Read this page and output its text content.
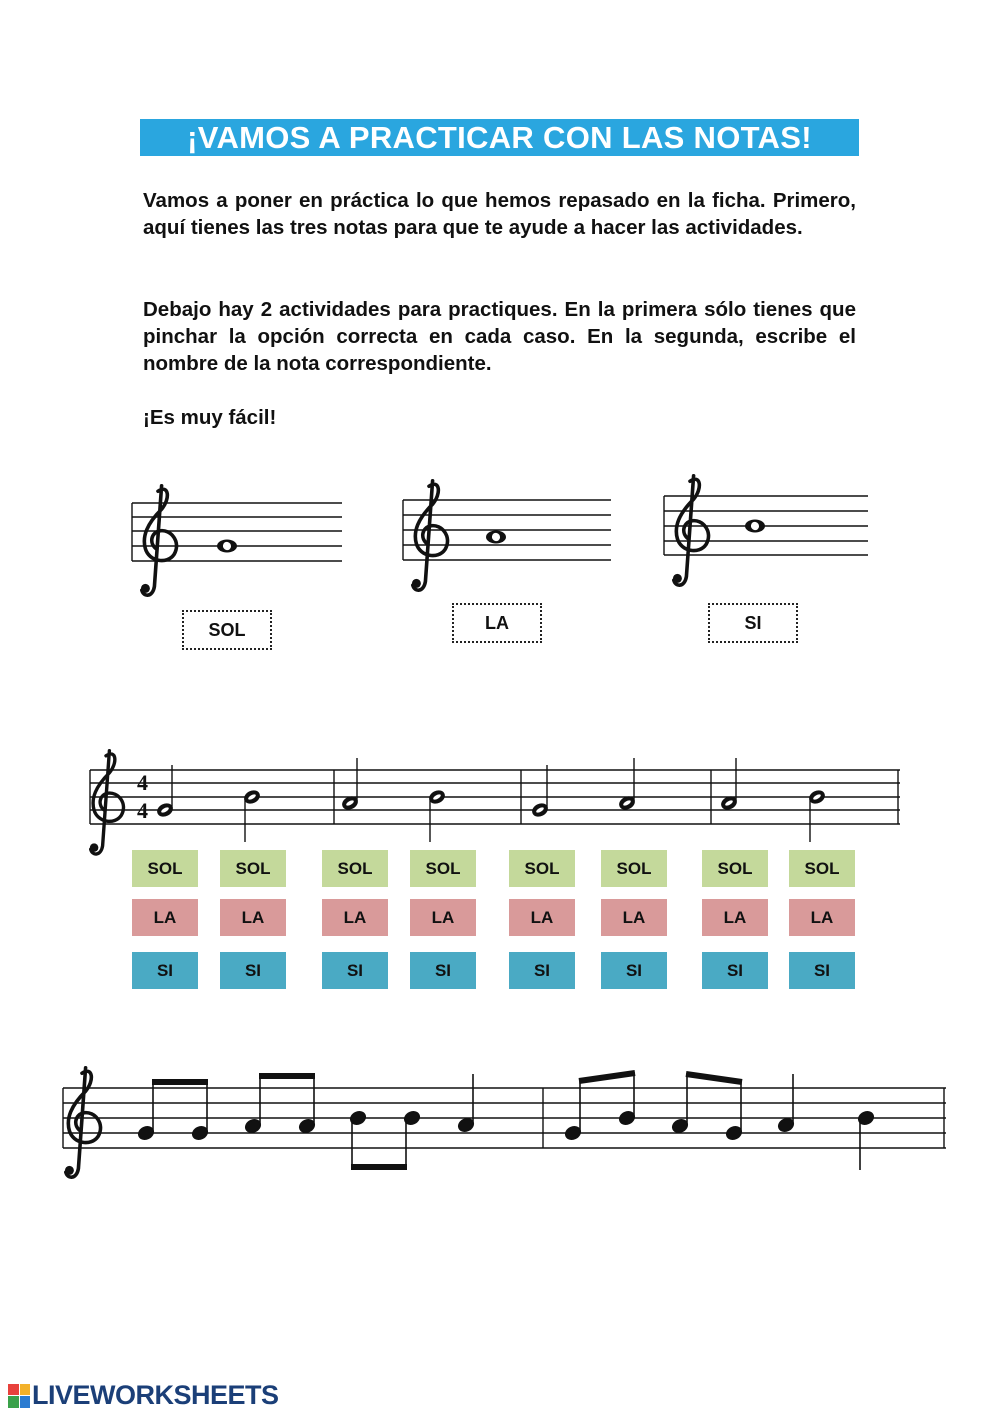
¡VAMOS A PRACTICAR CON LAS NOTAS!

Vamos a poner en práctica lo que hemos repasado en la ficha. Primero, aquí tienes las tres notas para que te ayude a hacer las actividades.

Debajo hay 2 actividades para practiques. En la primera sólo tienes que pinchar la opción correcta en cada caso. En la segunda, escribe el nombre de la nota correspondiente.

¡Es muy fácil!

4
4
SOL	LA	SI
SOL	SOL	SOL	SOL	SOL	SOL	SOL	SOL
LA	LA	LA	LA	LA	LA	LA	LA
SI	SI	SI	SI	SI	SI	SI	SI
LIVEWORKSHEETS
